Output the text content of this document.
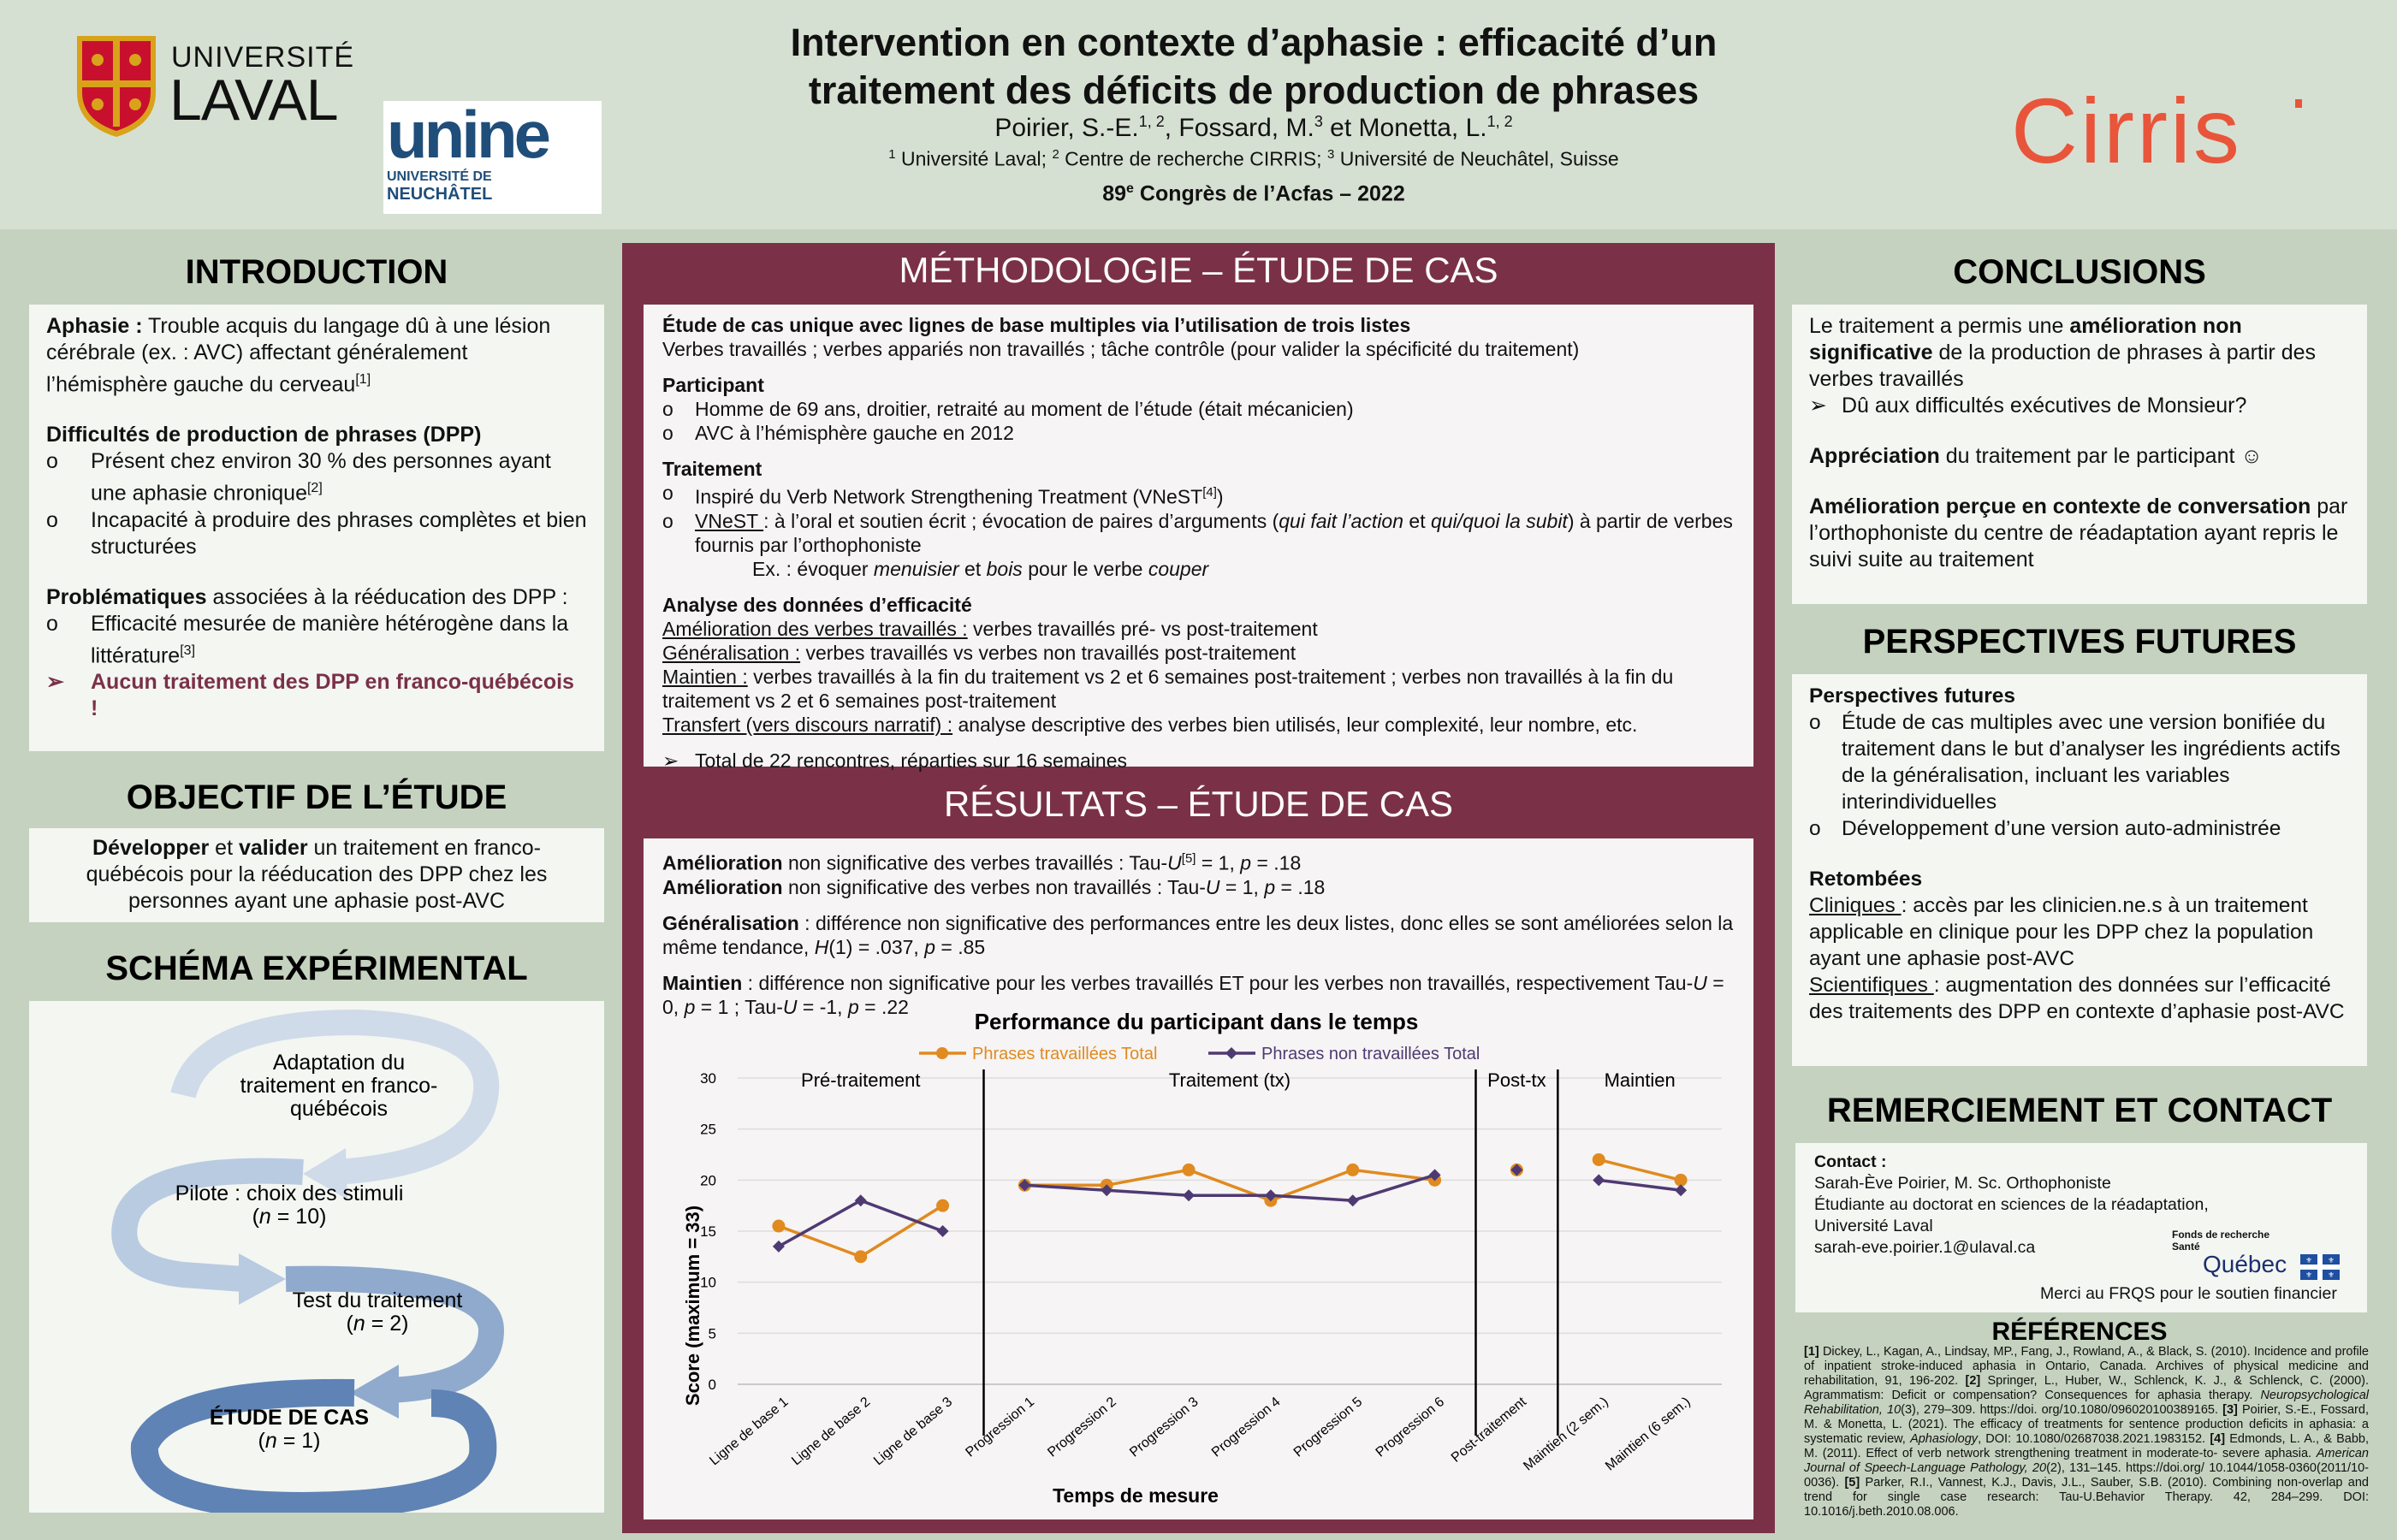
UNIVERSITÉ
LAVAL unine
UNIVERSITÉ DE
NEUCHÂTEL
Intervention en contexte d’aphasie : efficacité d’un
traitement des déficits de production de phrases
Poirier, S.-E.$^{1, 2}$, Fossard, M.$^3$ et Monetta, L.$^{1, 2}$
$^1$ Université Laval; $^2$ Centre de recherche CIRRIS; $^3$ Université de Neuchâtel, Suisse
89e Congrès de l’Acfas – 2022
Cirris
INTRODUCTION

Aphasie : Trouble acquis du langage dû à une lésion cérébrale (ex. : AVC) affectant généralement l’hémisphère gauche du cerveau[1]

Difficultés de production de phrases (DPP)

o Présent chez environ 30 % des personnes ayant une aphasie chronique[2]
o Incapacité à produire des phrases complètes et bien structurées

Problématiques associées à la rééducation des DPP :

o Efficacité mesurée de manière hétérogène dans la littérature[3]
➢ Aucun traitement des DPP en franco-québécois !
OBJECTIF DE L’ÉTUDE

Développer et valider un traitement en franco-québécois pour la rééducation des DPP chez les personnes ayant une aphasie post-AVC

SCHÉMA EXPÉRIMENTAL
Adaptation du
traitement en franco-
québécois
Pilote : choix des stimuli
(n = 10)
Test du traitement
(n = 2)
ÉTUDE DE CAS
(n = 1)
MÉTHODOLOGIE – ÉTUDE DE CAS

Étude de cas unique avec lignes de base multiples via l’utilisation de trois listes

Verbes travaillés ; verbes appariés non travaillés ; tâche contrôle (pour valider la spécificité du traitement)

Participant

o Homme de 69 ans, droitier, retraité au moment de l’étude (était mécanicien)
o AVC à l’hémisphère gauche en 2012

Traitement

o Inspiré du Verb Network Strengthening Treatment (VNeST[4])
o VNeST : à l’oral et soutien écrit ; évocation de paires d’arguments (qui fait l’action et qui/quoi la subit) à partir de verbes fournis par l’orthophoniste

Ex. : évoquer menuisier et bois pour le verbe couper

Analyse des données d’efficacité

Amélioration des verbes travaillés : verbes travaillés pré- vs post-traitement

Généralisation : verbes travaillés vs verbes non travaillés post-traitement

Maintien : verbes travaillés à la fin du traitement vs 2 et 6 semaines post-traitement ; verbes non travaillés à la fin du traitement vs 2 et 6 semaines post-traitement

Transfert (vers discours narratif) : analyse descriptive des verbes bien utilisés, leur complexité, leur nombre, etc.

➢ Total de 22 rencontres, réparties sur 16 semaines
RÉSULTATS – ÉTUDE DE CAS

Amélioration non significative des verbes travaillés : Tau-U[5] = 1, p = .18

Amélioration non significative des verbes non travaillés : Tau-U = 1, p = .18

Généralisation : différence non significative des performances entre les deux listes, donc elles se sont améliorées selon la même tendance, H(1) = .037, p = .85

Maintien : différence non significative pour les verbes travaillés ET pour les verbes non travaillés, respectivement Tau-U = 0, p = 1 ; Tau-U = -1, p = .22

Performance du participant dans le temps
Phrases travaillées Total	Phrases non travaillées Total
0
5
10
15
20
25
30	Pré-traitement	Traitement (tx)	Post-tx	Maintien
Ligne de base 1
Ligne de base 2
Ligne de base 3 Progression 1 Progression 2 Progression 3 Progression 4 Progression 5 Progression 6 Post-traitement
Maintien (2 sem.)
Maintien (6 sem.)
Score (maximum = 33)
Temps de mesure
CONCLUSIONS

Le traitement a permis une amélioration non significative de la production de phrases à partir des verbes travaillés

➢ Dû aux difficultés exécutives de Monsieur?

Appréciation du traitement par le participant ☺

Amélioration perçue en contexte de conversation par l’orthophoniste du centre de réadaptation ayant repris le suivi suite au traitement

PERSPECTIVES FUTURES

Perspectives futures

o Étude de cas multiples avec une version bonifiée du traitement dans le but d’analyser les ingrédients actifs de la généralisation, incluant les variables interindividuelles
o Développement d’une version auto-administrée

Retombées

Cliniques : accès par les clinicien.ne.s à un traitement applicable en clinique pour les DPP chez la population ayant une aphasie post-AVC

Scientifiques : augmentation des données sur l’efficacité des traitements des DPP en contexte d’aphasie post-AVC

REMERCIEMENT ET CONTACT

Contact :

Sarah-Ève Poirier, M. Sc. Orthophoniste

Étudiante au doctorat en sciences de la réadaptation,

Université Laval

sarah-eve.poirier.1@ulaval.ca

Fonds de recherche
Santé
Québec ⚜ ⚜
⚜ ⚜

Merci au FRQS pour le soutien financier

RÉFÉRENCES
[1] Dickey, L., Kagan, A., Lindsay, MP., Fang, J., Rowland, A., & Black, S. (2010). Incidence and profile of inpatient stroke-induced aphasia in Ontario, Canada. Archives of physical medicine and rehabilitation, 91, 196-202. [2] Springer, L., Huber, W., Schlenck, K. J., & Schlenck, C. (2000). Agrammatism: Deficit or compensation? Consequences for aphasia therapy. Neuropsychological Rehabilitation, 10(3), 279–309. https://doi. org/10.1080/096020100389165. [3] Poirier, S.-E., Fossard, M. & Monetta, L. (2021). The efficacy of treatments for sentence production deficits in aphasia: a systematic review, Aphasiology, DOI: 10.1080/02687038.2021.1983152. [4] Edmonds, L. A., & Babb, M. (2011). Effect of verb network strengthening treatment in moderate-to- severe aphasia. American Journal of Speech-Language Pathology, 20(2), 131–145. https://doi.org/ 10.1044/1058-0360(2011/10-0036). [5] Parker, R.I., Vannest, K.J., Davis, J.L., Sauber, S.B. (2010). Combining non-overlap and trend for single case research: Tau-U.Behavior Therapy. 42, 284–299. DOI: 10.1016/j.beth.2010.08.006.
